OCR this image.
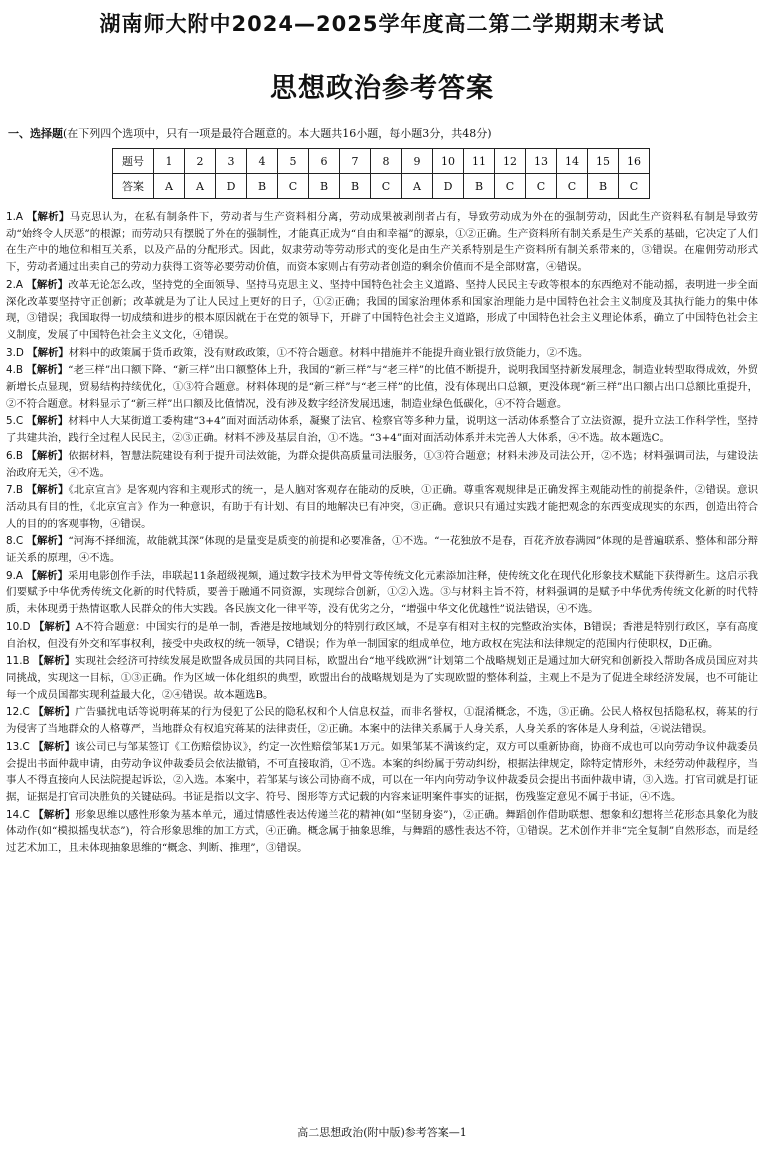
湖南师大附中2024—2025学年度高二第二学期期末考试
思想政治参考答案
一、选择题(在下列四个选项中，只有一项是最符合题意的。本大题共16小题，每小题3分，共48分)
题号	1	2	3	4	5	6	7	8	9	10	11	12	13	14	15	16
答案	A	A	D	B	C	B	B	C	A	D	B	C	C	C	B	C
1.A 【解析】马克思认为，在私有制条件下，劳动者与生产资料相分离，劳动成果被剥削者占有，导致劳动成为外在的强制劳动，因此生产资料私有制是导致劳动“始终令人厌恶”的根源；而劳动只有摆脱了外在的强制性，才能真正成为“自由和幸福”的源泉，①②正确。生产资料所有制关系是生产关系的基础，它决定了人们在生产中的地位和相互关系，以及产品的分配形式。因此，奴隶劳动等劳动形式的变化是由生产关系特别是生产资料所有制关系带来的，③错误。在雇佣劳动形式下，劳动者通过出卖自己的劳动力获得工资等必要劳动价值，而资本家则占有劳动者创造的剩余价值而不是全部财富，④错误。
2.A 【解析】改革无论怎么改，坚持党的全面领导、坚持马克思主义、坚持中国特色社会主义道路、坚持人民民主专政等根本的东西绝对不能动摇，表明进一步全面深化改革要坚持守正创新；改革就是为了让人民过上更好的日子，①②正确；我国的国家治理体系和国家治理能力是中国特色社会主义制度及其执行能力的集中体现，③错误；我国取得一切成绩和进步的根本原因就在于在党的领导下，开辟了中国特色社会主义道路，形成了中国特色社会主义理论体系，确立了中国特色社会主义制度，发展了中国特色社会主义文化，④错误。
3.D 【解析】材料中的政策属于货币政策，没有财政政策，①不符合题意。材料中措施并不能提升商业银行放贷能力，②不选。
4.B 【解析】“老三样”出口额下降、“新三样”出口额整体上升，我国的“新三样”与“老三样”的比值不断提升，说明我国坚持新发展理念，制造业转型取得成效，外贸新增长点显现，贸易结构持续优化，①③符合题意。材料体现的是“新三样”与“老三样”的比值，没有体现出口总额，更没体现“新三样”出口额占出口总额比重提升，②不符合题意。材料显示了“新三样”出口额及比值情况，没有涉及数字经济发展迅速，制造业绿色低碳化，④不符合题意。
5.C 【解析】材料中人大某街道工委构建“3+4”面对面活动体系，凝聚了法官、检察官等多种力量，说明这一活动体系整合了立法资源，提升立法工作科学性，坚持了共建共治，践行全过程人民民主，②③正确。材料不涉及基层自治，①不选。“3+4”面对面活动体系并未完善人大体系，④不选。故本题选C。
6.B 【解析】依据材料，智慧法院建设有利于提升司法效能，为群众提供高质量司法服务，①③符合题意；材料未涉及司法公开，②不选；材料强调司法，与建设法治政府无关，④不选。
7.B 【解析】《北京宣言》是客观内容和主观形式的统一，是人脑对客观存在能动的反映，①正确。尊重客观规律是正确发挥主观能动性的前提条件，②错误。意识活动具有目的性，《北京宣言》作为一种意识，有助于有计划、有目的地解决已有冲突，③正确。意识只有通过实践才能把观念的东西变成现实的东西，创造出符合人的目的的客观事物，④错误。
8.C 【解析】“河海不择细流，故能就其深”体现的是量变是质变的前提和必要准备，①不选。“一花独放不是春，百花齐放春满园”体现的是普遍联系、整体和部分辩证关系的原理，④不选。
9.A 【解析】采用电影创作手法，串联起11条超级视频，通过数字技术为甲骨文等传统文化元素添加注释，使传统文化在现代化形象技术赋能下获得新生。这启示我们要赋予中华优秀传统文化新的时代特质，要善于融通不同资源，实现综合创新，①②入选。③与材料主旨不符，材料强调的是赋予中华优秀传统文化新的时代特质，未体现勇于热情讴歌人民群众的伟大实践。各民族文化一律平等，没有优劣之分，“增强中华文化优越性”说法错误，④不选。
10.D 【解析】A不符合题意：中国实行的是单一制，香港是按地域划分的特别行政区域，不是享有相对主权的完整政治实体，B错误；香港是特别行政区，享有高度自治权，但没有外交和军事权利，接受中央政权的统一领导，C错误；作为单一制国家的组成单位，地方政权在宪法和法律规定的范围内行使职权，D正确。
11.B 【解析】实现社会经济可持续发展是欧盟各成员国的共同目标，欧盟出台“地平线欧洲”计划第二个战略规划正是通过加大研究和创新投入帮助各成员国应对共同挑战，实现这一目标，①③正确。作为区域一体化组织的典型，欧盟出台的战略规划是为了实现欧盟的整体利益，主观上不是为了促进全球经济发展，也不可能让每一个成员国都实现利益最大化，②④错误。故本题选B。
12.C 【解析】广告骚扰电话等说明蒋某的行为侵犯了公民的隐私权和个人信息权益，而非名誉权，①混淆概念，不选，③正确。公民人格权包括隐私权，蒋某的行为侵害了当地群众的人格尊严，当地群众有权追究蒋某的法律责任，②正确。本案中的法律关系属于人身关系，人身关系的客体是人身利益，④说法错误。
13.C 【解析】该公司已与邹某签订《工伤赔偿协议》，约定一次性赔偿邹某1万元。如果邹某不满该约定，双方可以重新协商，协商不成也可以向劳动争议仲裁委员会提出书面仲裁申请，由劳动争议仲裁委员会依法撤销，不可直接取消，①不选。本案的纠纷属于劳动纠纷，根据法律规定，除特定情形外，未经劳动仲裁程序，当事人不得直接向人民法院提起诉讼，②入选。本案中，若邹某与该公司协商不成，可以在一年内向劳动争议仲裁委员会提出书面仲裁申请，③入选。打官司就是打证据，证据是打官司决胜负的关键砝码。书证是指以文字、符号、图形等方式记载的内容来证明案件事实的证据，伤残鉴定意见不属于书证，④不选。
14.C 【解析】形象思维以感性形象为基本单元，通过情感性表达传递兰花的精神(如“坚韧身姿”)，②正确。舞蹈创作借助联想、想象和幻想将兰花形态具象化为肢体动作(如“模拟摇曳状态”)，符合形象思维的加工方式，④正确。概念属于抽象思维，与舞蹈的感性表达不符，①错误。艺术创作并非“完全复制”自然形态，而是经过艺术加工，且未体现抽象思维的“概念、判断、推理”，③错误。
高二思想政治(附中版)参考答案—1
